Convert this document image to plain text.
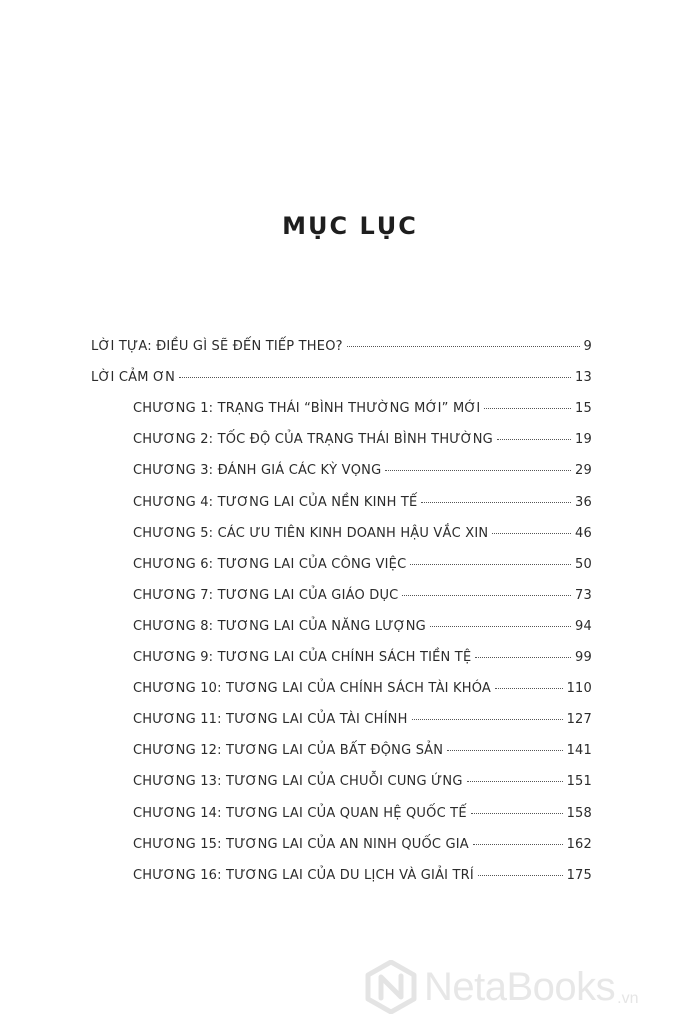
MỤC LỤC
LỜI TỰA: ĐIỀU GÌ SẼ ĐẾN TIẾP THEO?	9
LỜI CẢM ƠN	13
CHƯƠNG 1: TRẠNG THÁI “BÌNH THƯỜNG MỚI” MỚI	15
CHƯƠNG 2: TỐC ĐỘ CỦA TRẠNG THÁI BÌNH THƯỜNG	19
CHƯƠNG 3: ĐÁNH GIÁ CÁC KỲ VỌNG	29
CHƯƠNG 4: TƯƠNG LAI CỦA NỀN KINH TẾ	36
CHƯƠNG 5: CÁC ƯU TIÊN KINH DOANH HẬU VẮC XIN	46
CHƯƠNG 6: TƯƠNG LAI CỦA CÔNG VIỆC	50
CHƯƠNG 7: TƯƠNG LAI CỦA GIÁO DỤC	73
CHƯƠNG 8: TƯƠNG LAI CỦA NĂNG LƯỢNG	94
CHƯƠNG 9: TƯƠNG LAI CỦA CHÍNH SÁCH TIỀN TỆ	99
CHƯƠNG 10: TƯƠNG LAI CỦA CHÍNH SÁCH TÀI KHÓA	110
CHƯƠNG 11: TƯƠNG LAI CỦA TÀI CHÍNH	127
CHƯƠNG 12: TƯƠNG LAI CỦA BẤT ĐỘNG SẢN	141
CHƯƠNG 13: TƯƠNG LAI CỦA CHUỖI CUNG ỨNG	151
CHƯƠNG 14: TƯƠNG LAI CỦA QUAN HỆ QUỐC TẾ	158
CHƯƠNG 15: TƯƠNG LAI CỦA AN NINH QUỐC GIA	162
CHƯƠNG 16: TƯƠNG LAI CỦA DU LỊCH VÀ GIẢI TRÍ	175
NetaBooks .vn
